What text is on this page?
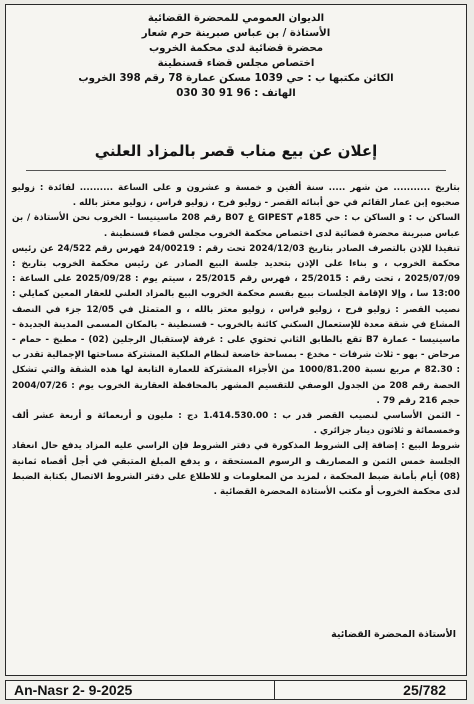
الديوان العمومي للمحضرة القضائية
الأستاذة / بن عباس صبرينة حرم شعار
محضرة قضائية لدى محكمة الخروب
اختصاص مجلس قضاء قسنطينة
الكائن مكتبها ب : حي 1039 مسكن عمارة 78 رقم 398 الخروب
الهاتف : 96 91 30 030
إعلان عن بيع مناب قصر بالمزاد العلني

بتاريخ ........... من شهر ..... سنة ألفين و خمسة و عشرون و على الساعة .......... لفائدة : زوليو صحبوه إبن عمار القائم في حق أبنائه القصر - زوليو فرح ، زوليو فراس ، زوليو معتز بالله .

الساكن ب : و الساكن ب : حي 185م GIPEST ع B07 رقم 208 ماسينيسا - الخروب نحن الأستاذة / بن عباس صبرينة محضرة قضائية لدى اختصاص محكمة الخروب مجلس قضاء قسنطينة .

تنفيذا للإذن بالتصرف الصادر بتاريخ 2024/12/03 تحت رقم : 24/00219 فهرس رقم 24/522 عن رئيس محكمة الخروب ، و بناءا على الإذن بتحديد جلسة البيع الصادر عن رئيس محكمة الخروب بتاريخ : 2025/07/09 ، تحت رقم : 25/2015 ، فهرس رقم 25/2015 ، سيتم يوم : 2025/09/28 على الساعة : 13:00 سا ، وإلا الإقامة الجلسات ببيع بقسم محكمة الخروب البيع بالمزاد العلني للعقار المعين كمايلي : نصيب القصر : زوليو فرح ، زوليو فراس ، زوليو معتز بالله ، و المتمثل في 12/05 جزء في النصف المشاع في شقة معدة للإستعمال السكني كائنة بالخروب - قسنطينة - بالمكان المسمى المدينة الجديدة - ماسينيسا - عمارة B7 تقع بالطابق الثاني تحتوي على : غرفة لإستقبال الرجلين (02) - مطبخ - حمام - مرحاض - بهو - ثلاث شرفات - مخدع - بمساحة خاضعة لنظام الملكية المشتركة مساحتها الإجمالية تقدر ب : 82.30 م مربع نسبة 1000/81.200 من الأجزاء المشتركة للعمارة التابعة لها هذه الشقة والتي تشكل الحصة رقم 208 من الجدول الوصفي للتقسيم المشهر بالمحافظة العقارية الخروب يوم : 2004/07/26 حجم 216 رقم 79 .

- الثمن الأساسي لنصيب القصر قدر ب : 1.414.530.00 دج : مليون و أربعمائة و أربعة عشر ألف وخمسمائة و ثلاثون دينار جزائري .

شروط البيع : إضافة إلى الشروط المذكورة في دفتر الشروط فإن الراسي عليه المزاد يدفع حال انعقاد الجلسة خمس الثمن و المصاريف و الرسوم المستحقة ، و يدفع المبلغ المتبقي في أجل أقصاه ثمانية (08) أيام بأمانة ضبط المحكمة ، لمزيد من المعلومات و للاطلاع على دفتر الشروط الاتصال بكتابة الضبط لدى محكمة الخروب أو مكتب الأستاذة المحضرة القضائية .

الأستاذة المحضرة القضائية
An-Nasr 2- 9-2025	25/782
